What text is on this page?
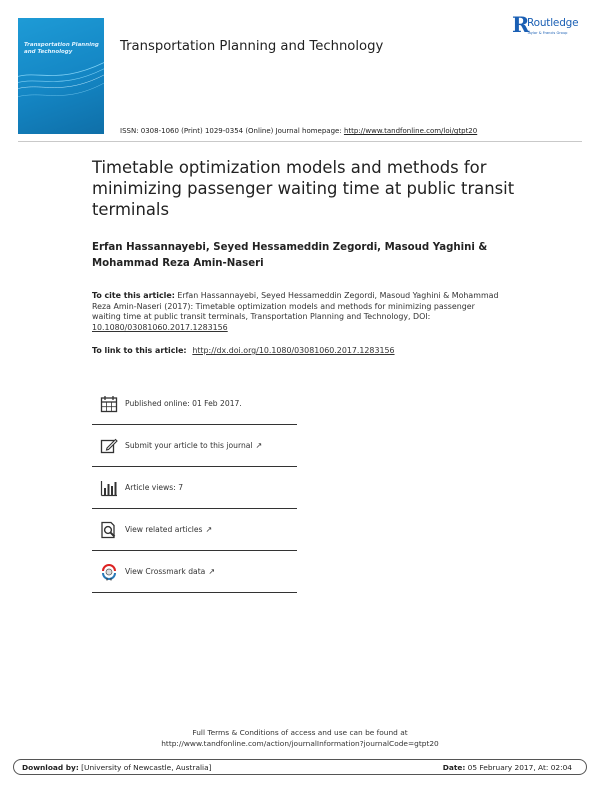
Transportation Planning and Technology	Transportation Planning and Technology
ISSN: 0308-1060 (Print) 1029-0354 (Online) Journal homepage: http://www.tandfonline.com/loi/gtpt20
R
Routledge
Taylor & Francis Group
Timetable optimization models and methods for minimizing passenger waiting time at public transit terminals
Erfan Hassannayebi, Seyed Hessameddin Zegordi, Masoud Yaghini & Mohammad Reza Amin-Naseri
To cite this article: Erfan Hassannayebi, Seyed Hessameddin Zegordi, Masoud Yaghini & Mohammad Reza Amin-Naseri (2017): Timetable optimization models and methods for minimizing passenger waiting time at public transit terminals, Transportation Planning and Technology, DOI: 10.1080/03081060.2017.1283156
To link to this article: http://dx.doi.org/10.1080/03081060.2017.1283156
Published online: 01 Feb 2017.
Submit your article to this journal ↗
Article views: 7
View related articles ↗
View Crossmark data ↗
Full Terms & Conditions of access and use can be found at
http://www.tandfonline.com/action/journalInformation?journalCode=gtpt20
Download by: [University of Newcastle, Australia]	Date: 05 February 2017, At: 02:04
